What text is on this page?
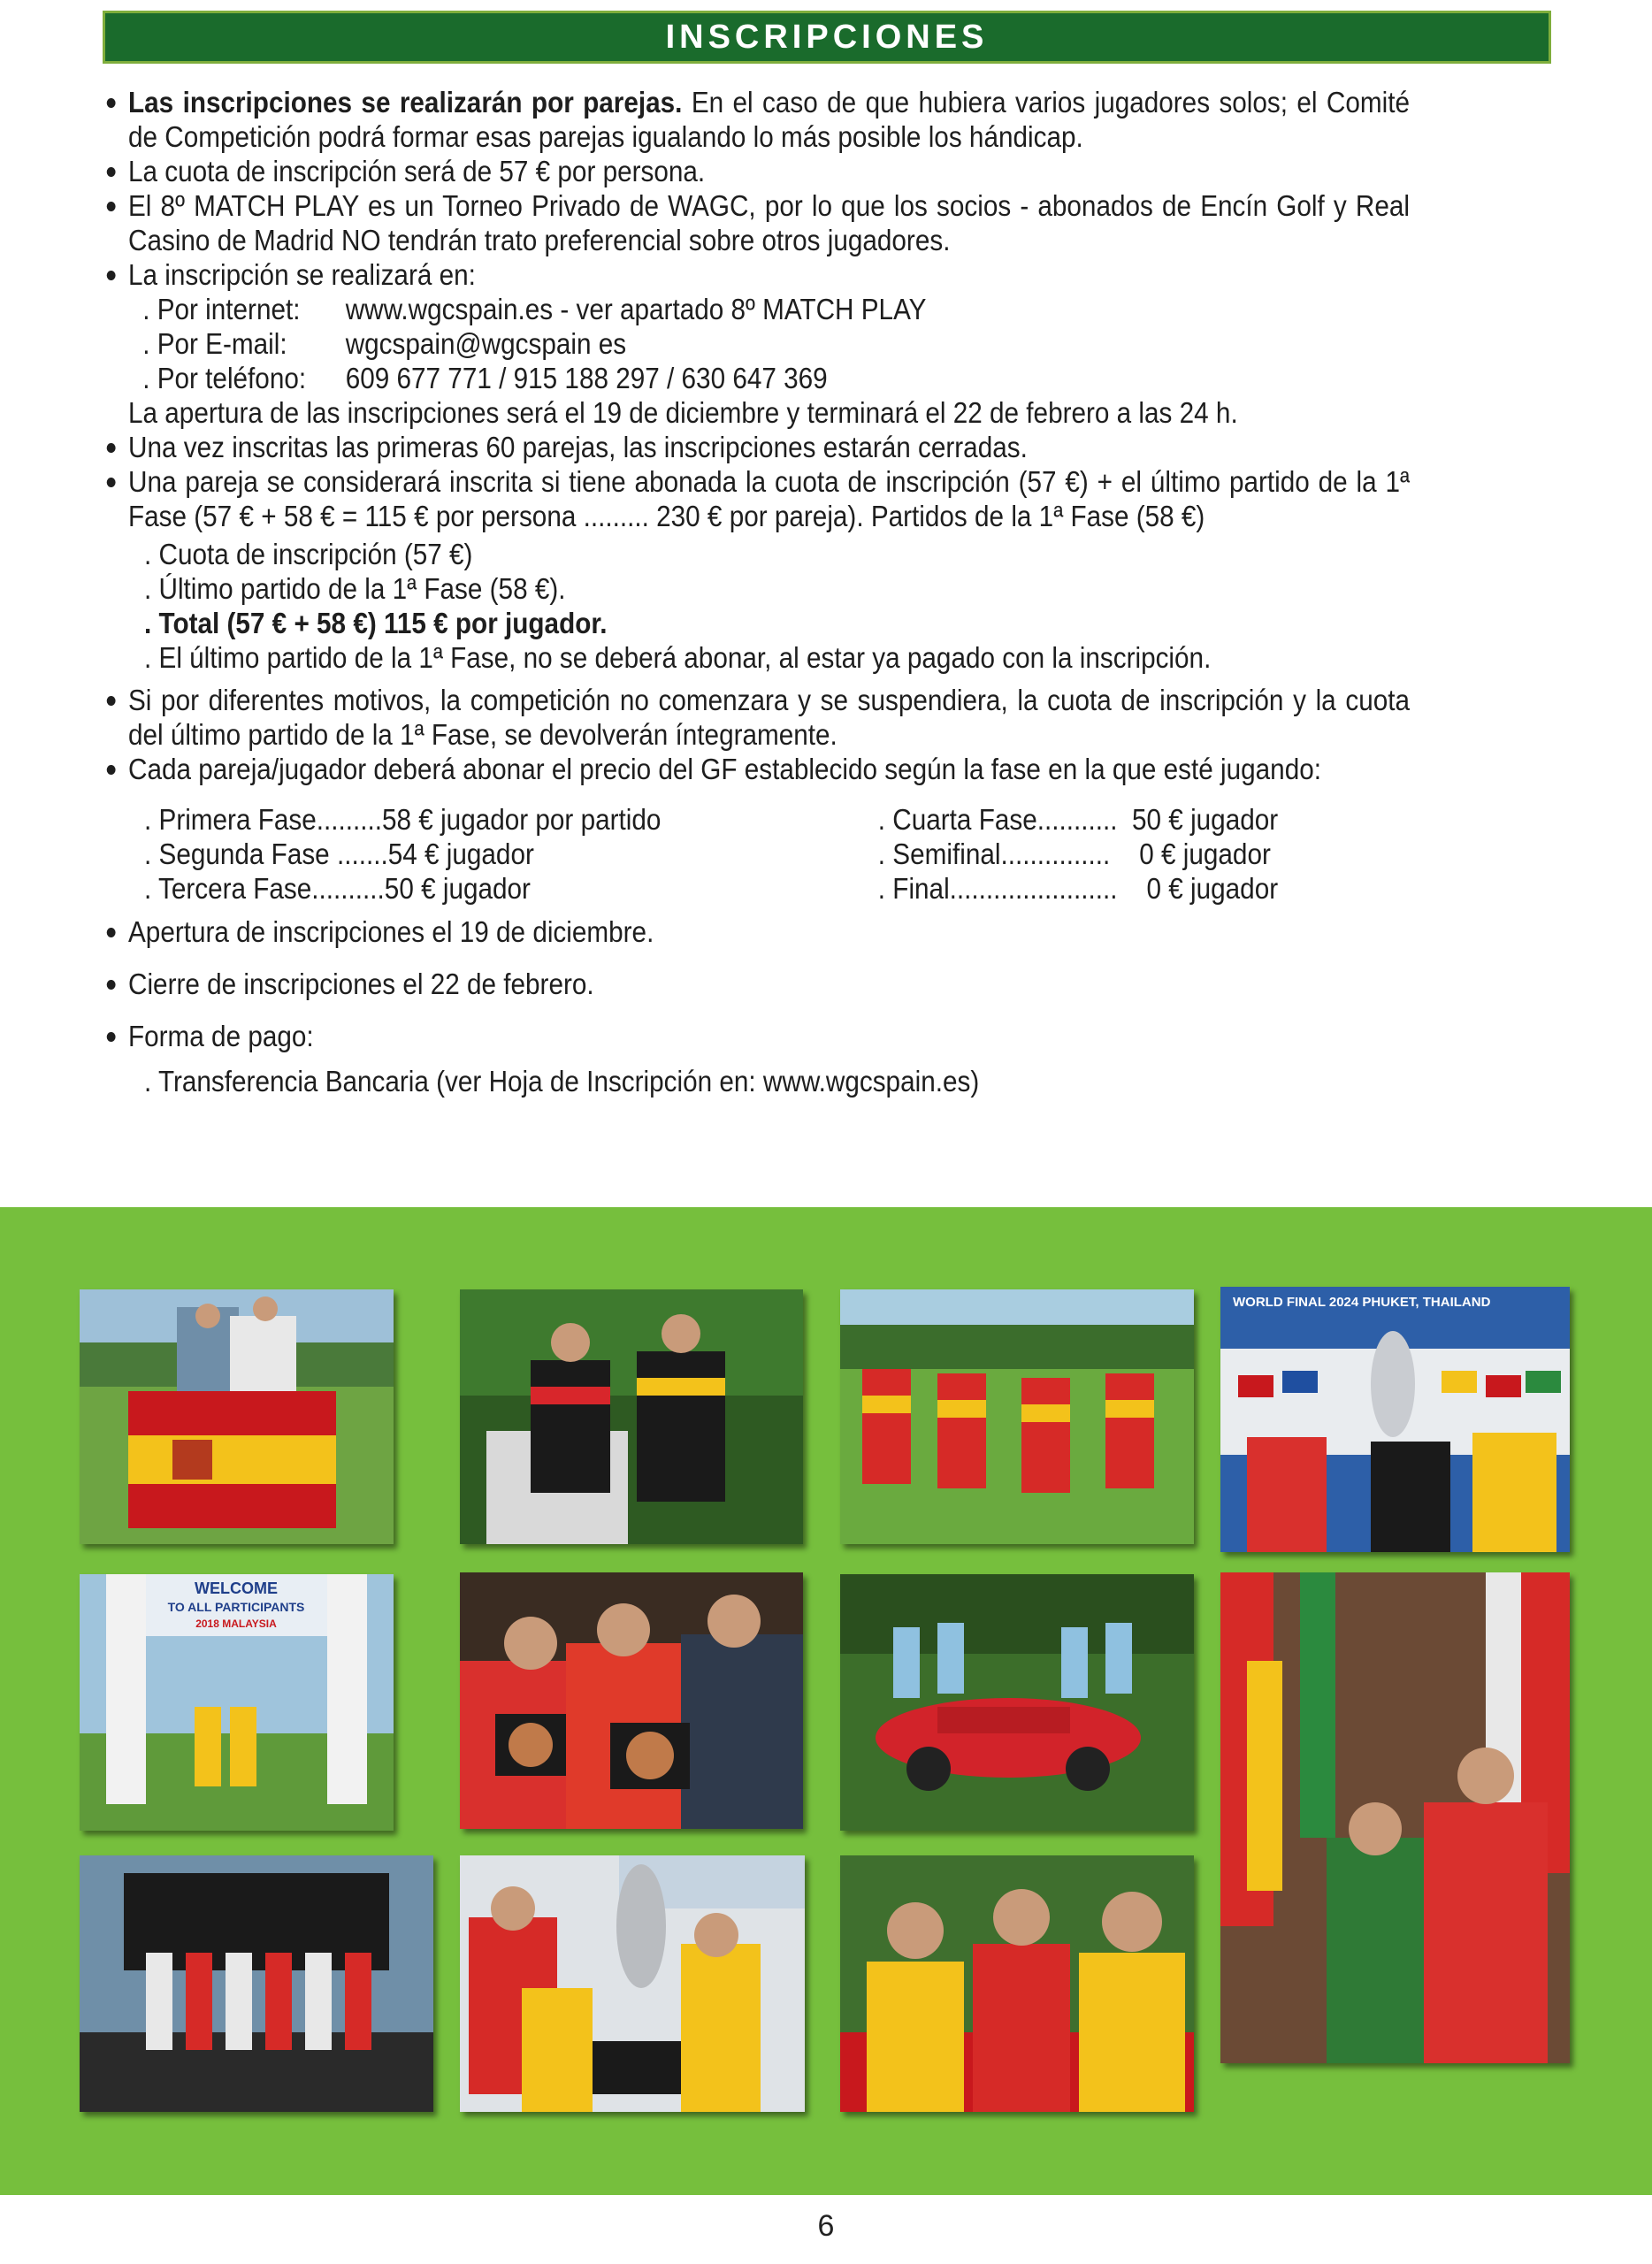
INSCRIPCIONES

Las inscripciones se realizarán por parejas. En el caso de que hubiera varios jugadores solos; el Comité de Competición podrá formar esas parejas igualando lo más posible los hándicap.

La cuota de inscripción será de 57 € por persona.

El 8º MATCH PLAY es un Torneo Privado de WAGC, por lo que los socios - abonados de Encín Golf y Real Casino de Madrid NO tendrán trato preferencial sobre otros jugadores.

La inscripción se realizará en:

. Por internet:	www.wgcspain.es - ver apartado 8º MATCH PLAY
. Por E-mail:	wgcspain@wgcspain es
. Por teléfono:	609 677 771 / 915 188 297 / 630 647 369

La apertura de las inscripciones será el 19 de diciembre y terminará el 22 de febrero a las 24 h.

Una vez inscritas las primeras 60 parejas, las inscripciones estarán cerradas.

Una pareja se considerará inscrita si tiene abonada la cuota de inscripción (57 €) + el último partido de la 1ª Fase (57 € + 58 € = 115 € por persona ......... 230 € por pareja). Partidos de la 1ª Fase (58 €)

. Cuota de inscripción (57 €)

. Último partido de la 1ª Fase (58 €).

. Total (57 € + 58 €) 115 € por jugador.

. El último partido de la 1ª Fase, no se deberá abonar, al estar ya pagado con la inscripción.

Si por diferentes motivos, la competición no comenzara y se suspendiera, la cuota de inscripción y la cuota del último partido de la 1ª Fase, se devolverán íntegramente.

Cada pareja/jugador deberá abonar el precio del GF establecido según la fase en la que esté jugando:

. Primera Fase......... 58 € jugador por partido
. Segunda Fase ....... 54 € jugador
. Tercera Fase.......... 50 € jugador
. Cuarta Fase........... 50 € jugador
. Semifinal............... 0 € jugador
. Final....................... 0 € jugador

Apertura de inscripciones el 19 de diciembre.

Cierre de inscripciones el 22 de febrero.

Forma de pago:

. Transferencia Bancaria (ver Hoja de Inscripción en: www.wgcspain.es)

WORLD FINAL 2024 PHUKET, THAILAND
WELCOME
TO ALL PARTICIPANTS
2018 MALAYSIA
6
